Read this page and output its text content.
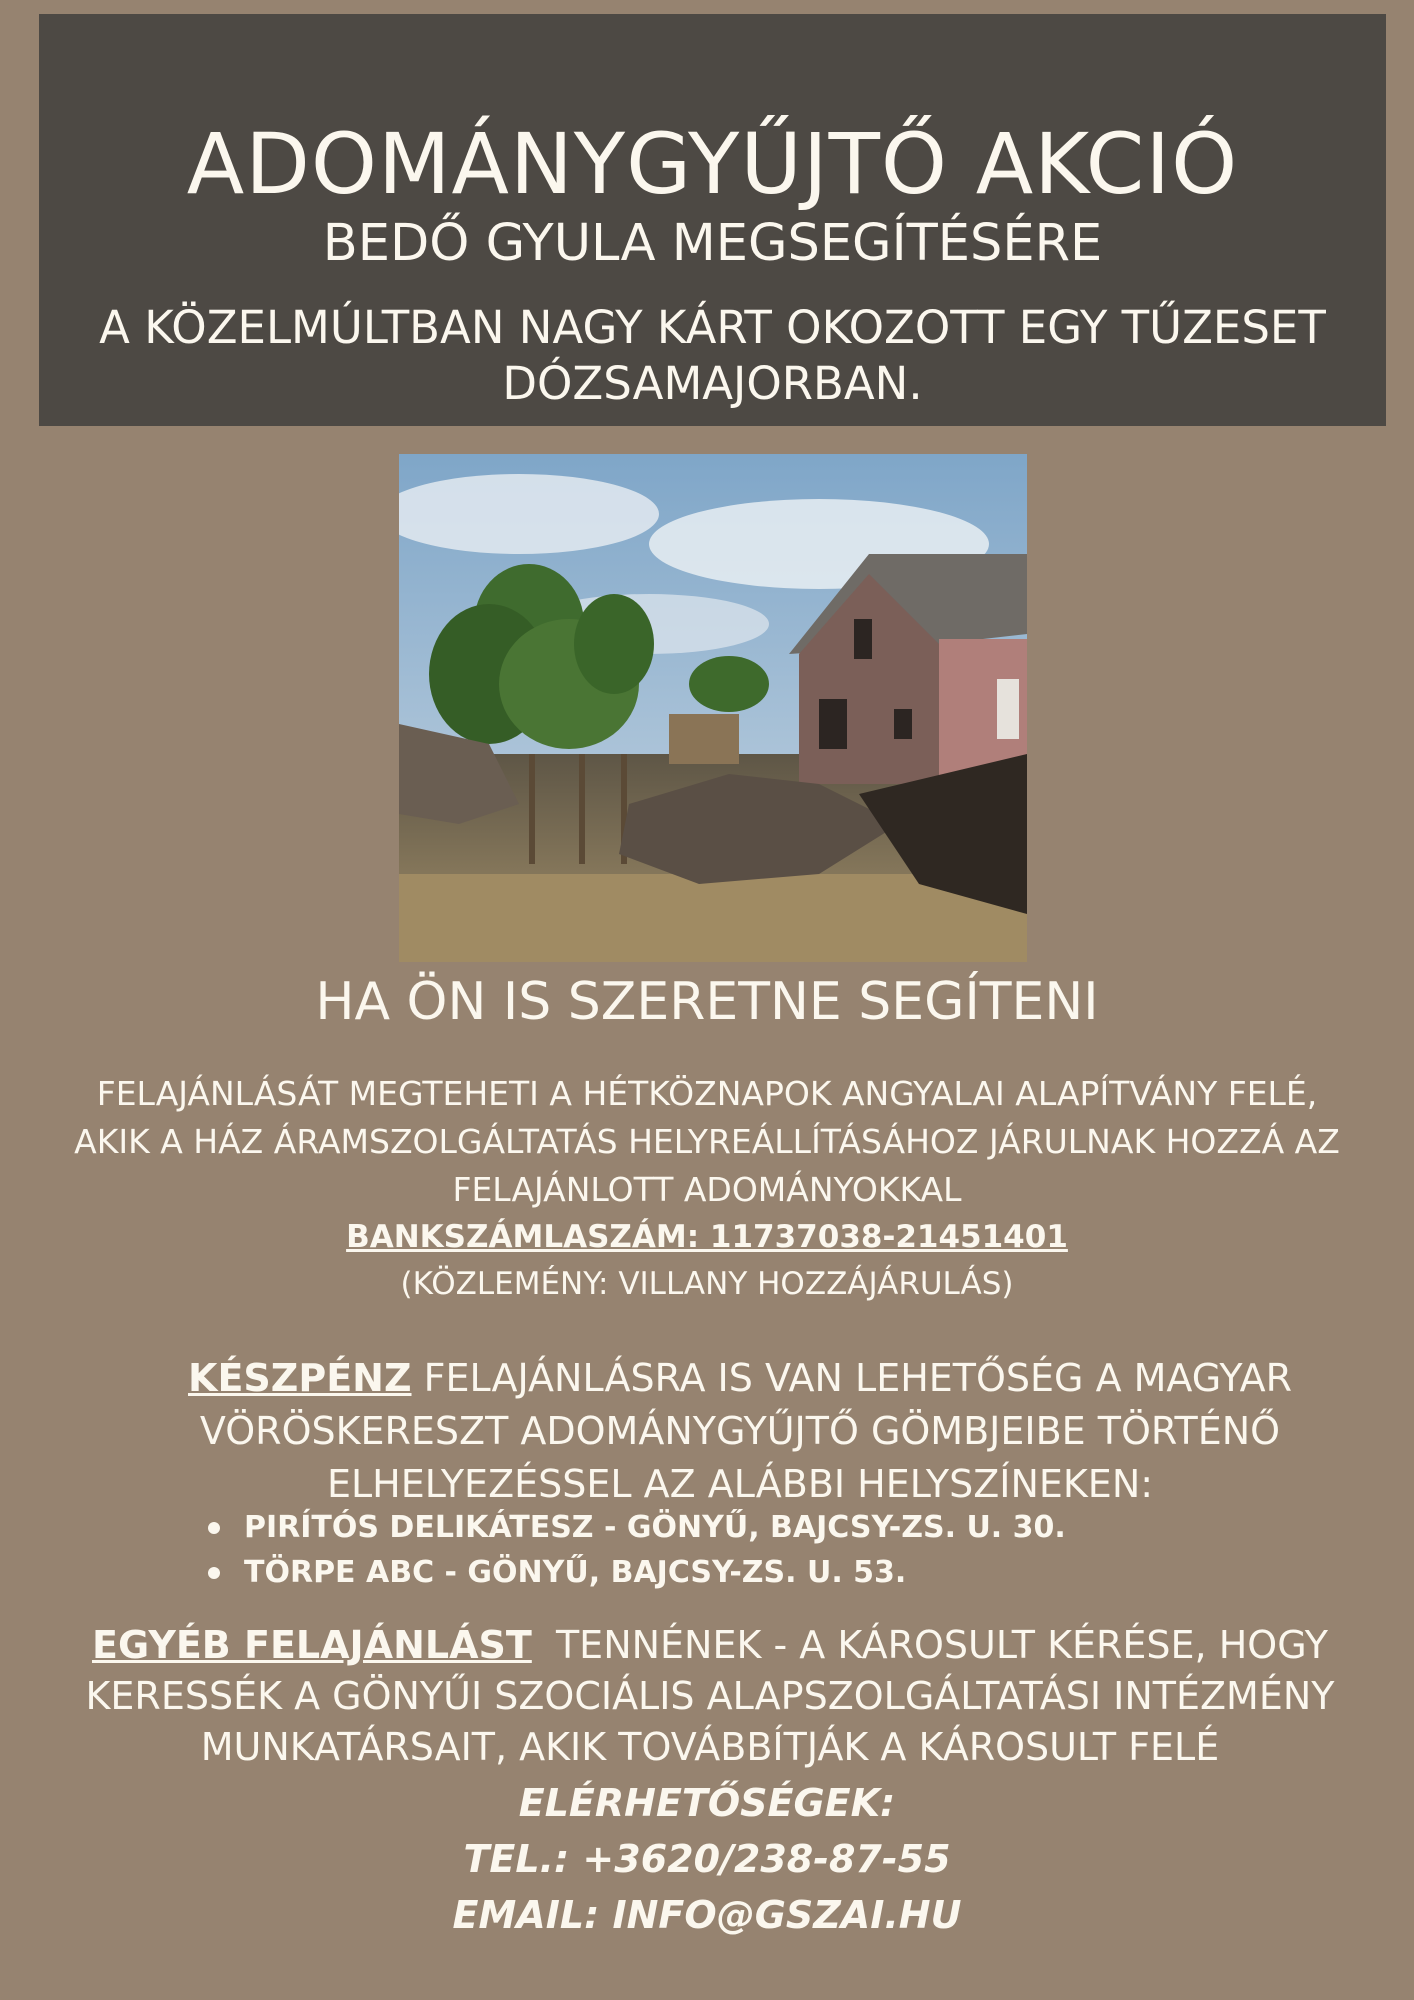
ADOMÁNYGYŰJTŐ AKCIÓ
BEDŐ GYULA MEGSEGÍTÉSÉRE
A KÖZELMÚLTBAN NAGY KÁRT OKOZOTT EGY TŰZESET
DÓZSAMAJORBAN.
HA ÖN IS SZERETNE SEGÍTENI
FELAJÁNLÁSÁT MEGTEHETI A HÉTKÖZNAPOK ANGYALAI ALAPÍTVÁNY FELÉ,
AKIK A HÁZ ÁRAMSZOLGÁLTATÁS HELYREÁLLÍTÁSÁHOZ JÁRULNAK HOZZÁ AZ
FELAJÁNLOTT ADOMÁNYOKKAL
BANKSZÁMLASZÁM: 11737038-21451401
(KÖZLEMÉNY: VILLANY HOZZÁJÁRULÁS)
KÉSZPÉNZ FELAJÁNLÁSRA IS VAN LEHETŐSÉG A MAGYAR
VÖRÖSKERESZT ADOMÁNYGYŰJTŐ GÖMBJEIBE TÖRTÉNŐ
ELHELYEZÉSSEL AZ ALÁBBI HELYSZÍNEKEN:
PIRÍTÓS DELIKÁTESZ - GÖNYŰ, BAJCSY-ZS. U. 30.
TÖRPE ABC - GÖNYŰ, BAJCSY-ZS. U. 53.
EGYÉB FELAJÁNLÁST  TENNÉNEK - A KÁROSULT KÉRÉSE, HOGY
KERESSÉK A GÖNYŰI SZOCIÁLIS ALAPSZOLGÁLTATÁSI INTÉZMÉNY
MUNKATÁRSAIT, AKIK TOVÁBBÍTJÁK A KÁROSULT FELÉ
ELÉRHETŐSÉGEK:
TEL.: +3620/238-87-55
EMAIL: INFO@GSZAI.HU
